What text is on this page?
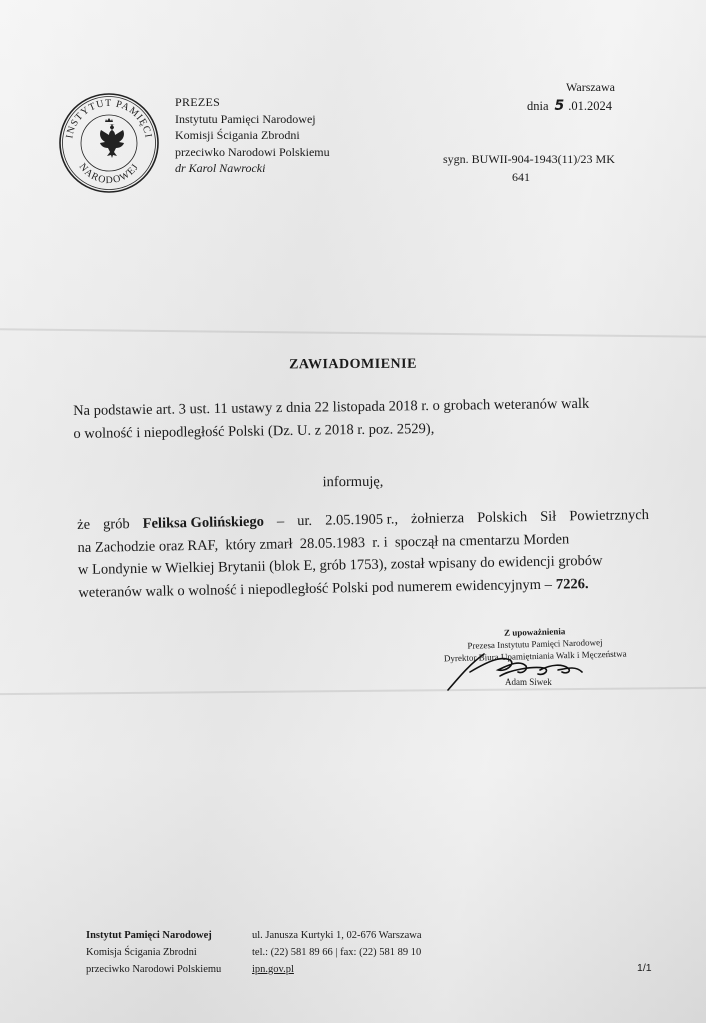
INSTYTUT PAMIĘCI
NARODOWEJ
PREZES
Instytutu Pamięci Narodowej
Komisji Ścigania Zbrodni
przeciwko Narodowi Polskiemu
dr Karol Nawrocki
Warszawa
dnia 5 .01.2024
sygn. BUWII-904-1943(11)/23 MK
641
ZAWIADOMIENIE
Na podstawie art. 3 ust. 11 ustawy z dnia 22 listopada 2018 r. o grobach weteranów walk
o wolność i niepodległość Polski (Dz. U. z 2018 r. poz. 2529),
informuję,
że grób Feliksa Golińskiego – ur. 2.05.1905 r., żołnierza Polskich Sił Powietrznych
na Zachodzie oraz RAF,  który zmarł  28.05.1983  r. i  spoczął na cmentarzu Morden
w Londynie w Wielkiej Brytanii (blok E, grób 1753), został wpisany do ewidencji grobów
weteranów walk o wolność i niepodległość Polski pod numerem ewidencyjnym – 7226.
Z upoważnienia
Prezesa Instytutu Pamięci Narodowej
Dyrektor Biura Upamiętniania Walk i Męczeństwa
Adam Siwek
Instytut Pamięci Narodowej
Komisja Ścigania Zbrodni
przeciwko Narodowi Polskiemu
ul. Janusza Kurtyki 1, 02-676 Warszawa
tel.: (22) 581 89 66 | fax: (22) 581 89 10
ipn.gov.pl	1/1
